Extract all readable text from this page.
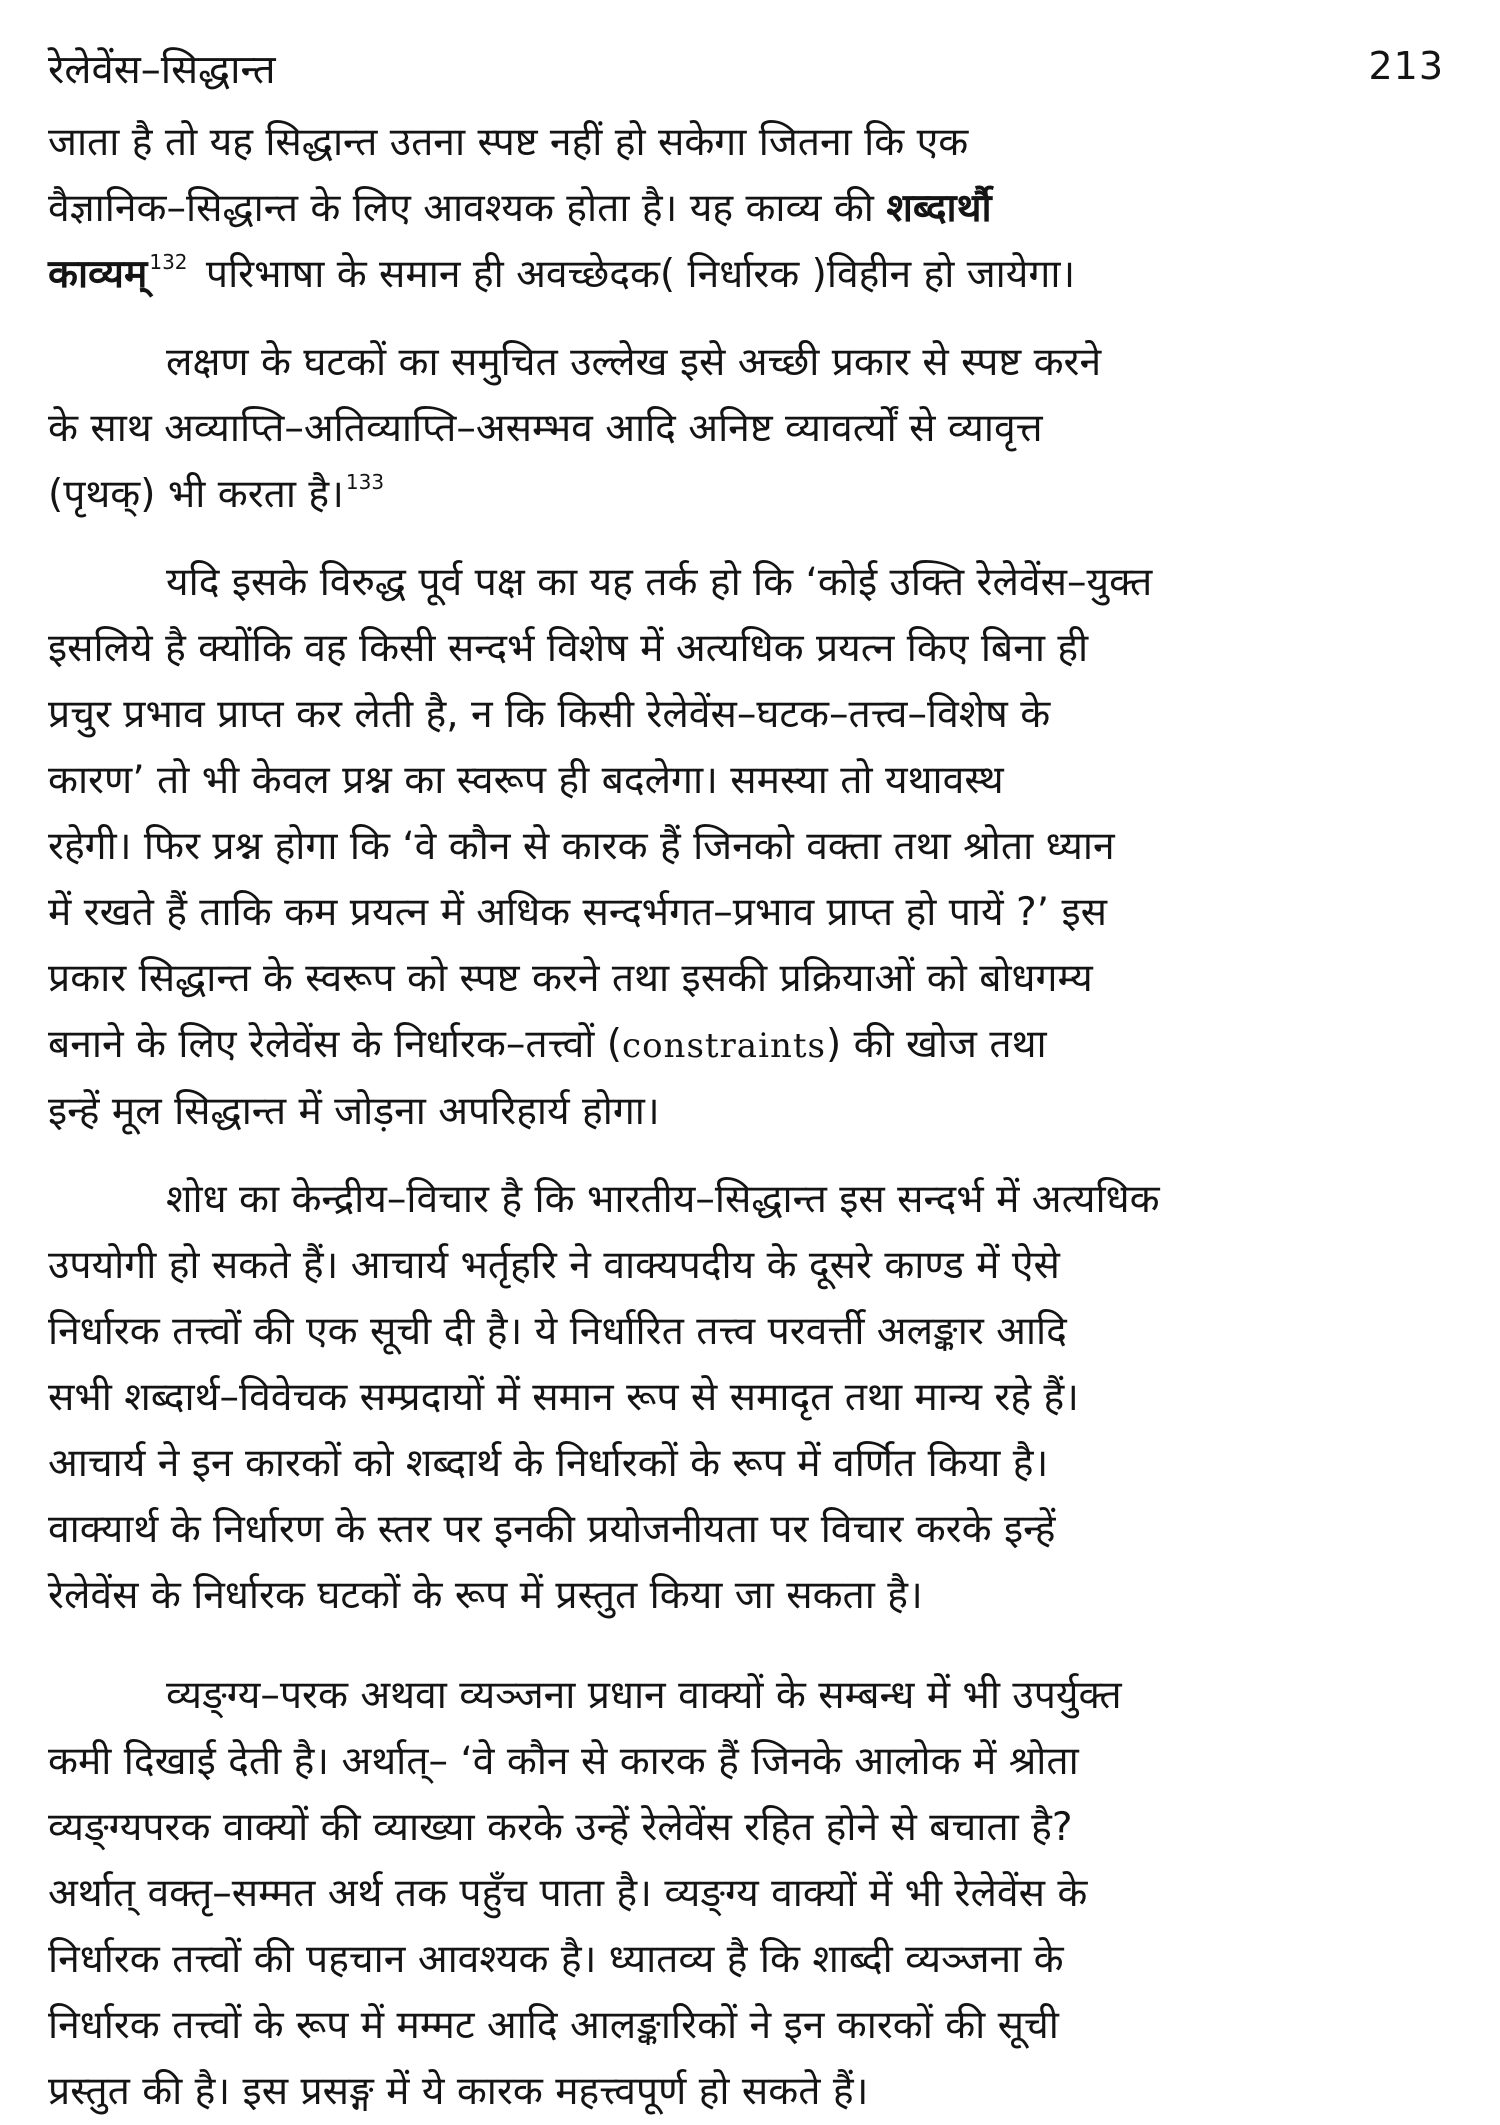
रेलेवेंस–सिद्धान्त	213

जाता है तो यह सिद्धान्त उतना स्पष्ट नहीं हो सकेगा जितना कि एक
वैज्ञानिक–सिद्धान्त के लिए आवश्यक होता है। यह काव्य की शब्दार्थौ
काव्यम् $^{132}$ परिभाषा के समान ही अवच्छेदक( निर्धारक )विहीन हो जायेगा।

लक्षण के घटकों का समुचित उल्लेख इसे अच्छी प्रकार से स्पष्ट करने
के साथ अव्याप्ति–अतिव्याप्ति–असम्भव आदि अनिष्ट व्यावर्त्यों से व्यावृत्त
(पृथक्) भी करता है। $^{133}$

यदि इसके विरुद्ध पूर्व पक्ष का यह तर्क हो कि ‘कोई उक्ति रेलेवेंस–युक्त
इसलिये है क्योंकि वह किसी सन्दर्भ विशेष में अत्यधिक प्रयत्न किए बिना ही
प्रचुर प्रभाव प्राप्त कर लेती है, न कि किसी रेलेवेंस–घटक–तत्त्व–विशेष के
कारण’ तो भी केवल प्रश्न का स्वरूप ही बदलेगा। समस्या तो यथावस्थ
रहेगी। फिर प्रश्न होगा कि ‘वे कौन से कारक हैं जिनको वक्ता तथा श्रोता ध्यान
में रखते हैं ताकि कम प्रयत्न में अधिक सन्दर्भगत–प्रभाव प्राप्त हो पायें ?’ इस
प्रकार सिद्धान्त के स्वरूप को स्पष्ट करने तथा इसकी प्रक्रियाओं को बोधगम्य
बनाने के लिए रेलेवेंस के निर्धारक–तत्त्वों (constraints) की खोज तथा
इन्हें मूल सिद्धान्त में जोड़ना अपरिहार्य होगा।

शोध का केन्द्रीय–विचार है कि भारतीय–सिद्धान्त इस सन्दर्भ में अत्यधिक
उपयोगी हो सकते हैं। आचार्य भर्तृहरि ने वाक्यपदीय के दूसरे काण्ड में ऐसे
निर्धारक तत्त्वों की एक सूची दी है। ये निर्धारित तत्त्व परवर्त्ती अलङ्कार आदि
सभी शब्दार्थ–विवेचक सम्प्रदायों में समान रूप से समादृत तथा मान्य रहे हैं।
आचार्य ने इन कारकों को शब्दार्थ के निर्धारकों के रूप में वर्णित किया है।
वाक्यार्थ के निर्धारण के स्तर पर इनकी प्रयोजनीयता पर विचार करके इन्हें
रेलेवेंस के निर्धारक घटकों के रूप में प्रस्तुत किया जा सकता है।

व्यङ्ग्य–परक अथवा व्यञ्जना प्रधान वाक्यों के सम्बन्ध में भी उपर्युक्त
कमी दिखाई देती है। अर्थात्– ‘वे कौन से कारक हैं जिनके आलोक में श्रोता
व्यङ्ग्यपरक वाक्यों की व्याख्या करके उन्हें रेलेवेंस रहित होने से बचाता है?
अर्थात् वक्तृ–सम्मत अर्थ तक पहुँच पाता है। व्यङ्ग्य वाक्यों में भी रेलेवेंस के
निर्धारक तत्त्वों की पहचान आवश्यक है। ध्यातव्य है कि शाब्दी व्यञ्जना के
निर्धारक तत्त्वों के रूप में मम्मट आदि आलङ्कारिकों ने इन कारकों की सूची
प्रस्तुत की है। इस प्रसङ्ग में ये कारक महत्त्वपूर्ण हो सकते हैं।
